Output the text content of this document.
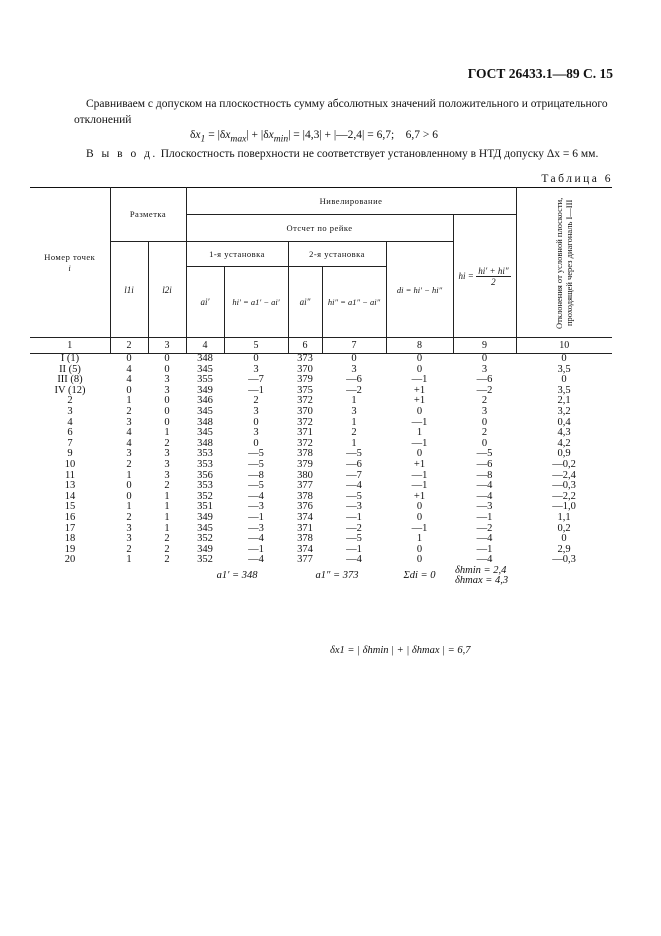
ГОСТ 26433.1—89 С. 15
Сравниваем с допуском на плоскостность сумму абсолютных значений положительного и отрицательного отклонений
$\delta x_1 = |\delta x_{max}| + |\delta x_{min}| = |4,3|$ + |—2,4| = 6,7;    6,7 > 6
В ы в о д. Плоскостность поверхности не соответствует установленному в НТД допуску Δx = 6 мм.
Таблица 6
Номер точек
i	Разметка		Нивелирование						Отклонения от условной плоскости, проходящей через диагональ I—III

			Отсчет по рейке					hi = $\frac{hi' + hi''}{2}$

	l1i	l2i	1-я установка		2-я установка		di = hi′ − hi″		
			ai′	hi′ = a1′ − ai′	ai″	hi″ = a1″ − ai″			
1	2	3	4	5	6	7	8	9	10
I (1)	0	0	348	0	373	0	0	0	0
II (5)	4	0	345	3	370	3	0	3	3,5
III (8)	4	3	355	—7	379	—6	—1	—6	0
IV (12)	0	3	349	—1	375	—2	+1	—2	3,5
2	1	0	346	2	372	1	+1	2	2,1
3	2	0	345	3	370	3	0	3	3,2
4	3	0	348	0	372	1	—1	0	0,4
6	4	1	345	3	371	2	1	2	4,3
7	4	2	348	0	372	1	—1	0	4,2
9	3	3	353	—5	378	—5	0	—5	0,9
10	2	3	353	—5	379	—6	+1	—6	—0,2
11	1	3	356	—8	380	—7	—1	—8	—2,4
13	0	2	353	—5	377	—4	—1	—4	—0,3
14	0	1	352	—4	378	—5	+1	—4	—2,2
15	1	1	351	—3	376	—3	0	—3	—1,0
16	2	1	349	—1	374	—1	0	—1	1,1
17	3	1	345	—3	371	—2	—1	—2	0,2
18	3	2	352	—4	378	—5	1	—4	0
19	2	2	349	—1	374	—1	0	—1	2,9
20	1	2	352	—4	377	—4	0	—4	—0,3
			a1′ = 348		a1″ = 373		Σdi = 0	δhmin = 2,4
δhmax = 4,3	

δx1 = | δhmin | + | δhmax | = 6,7
